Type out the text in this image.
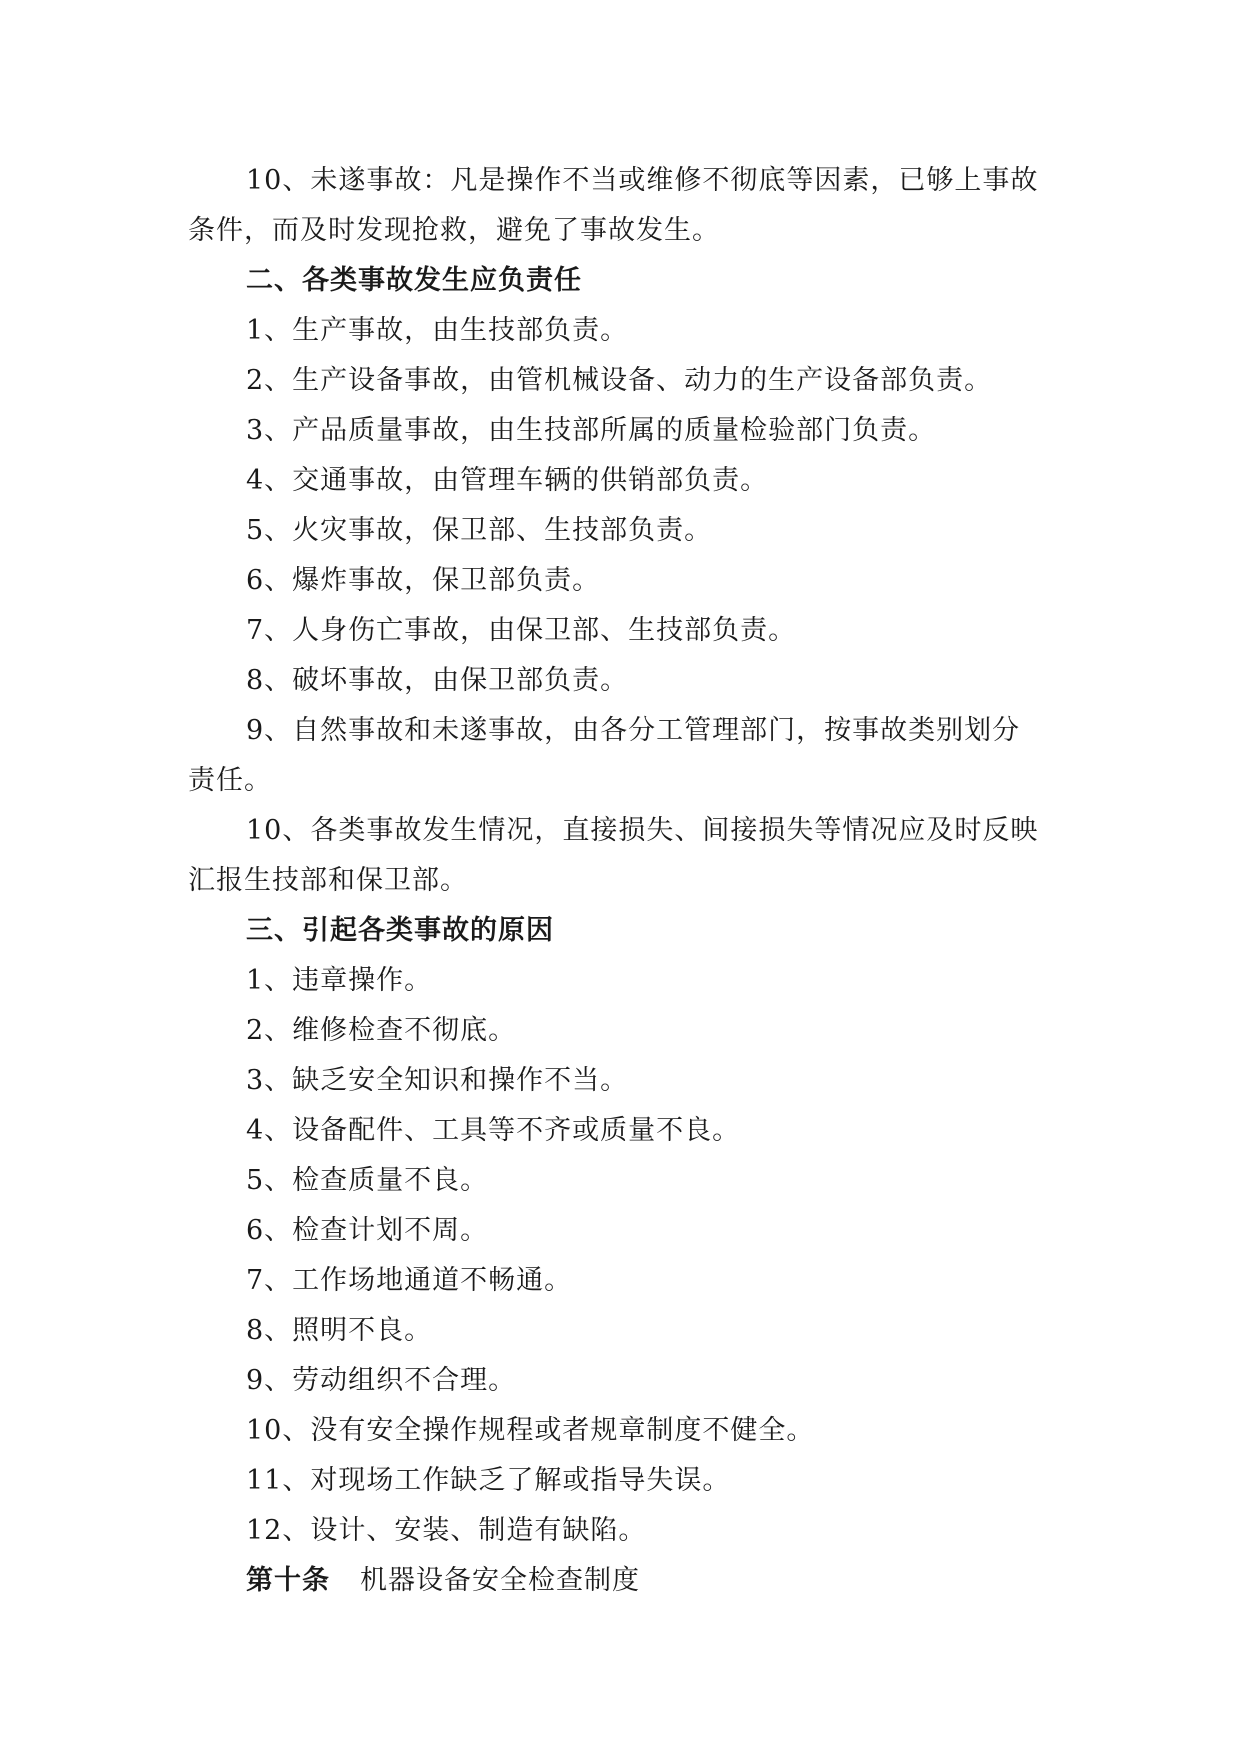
10、未遂事故：凡是操作不当或维修不彻底等因素，已够上事故
条件，而及时发现抢救，避免了事故发生。
二、各类事故发生应负责任
1、生产事故，由生技部负责。
2、生产设备事故，由管机械设备、动力的生产设备部负责。
3、产品质量事故，由生技部所属的质量检验部门负责。
4、交通事故，由管理车辆的供销部负责。
5、火灾事故，保卫部、生技部负责。
6、爆炸事故，保卫部负责。
7、人身伤亡事故，由保卫部、生技部负责。
8、破坏事故，由保卫部负责。
9、自然事故和未遂事故，由各分工管理部门，按事故类别划分
责任。
10、各类事故发生情况，直接损失、间接损失等情况应及时反映
汇报生技部和保卫部。
三、引起各类事故的原因
1、违章操作。
2、维修检查不彻底。
3、缺乏安全知识和操作不当。
4、设备配件、工具等不齐或质量不良。
5、检查质量不良。
6、检查计划不周。
7、工作场地通道不畅通。
8、照明不良。
9、劳动组织不合理。
10、没有安全操作规程或者规章制度不健全。
11、对现场工作缺乏了解或指导失误。
12、设计、安装、制造有缺陷。
第十条 机器设备安全检查制度
